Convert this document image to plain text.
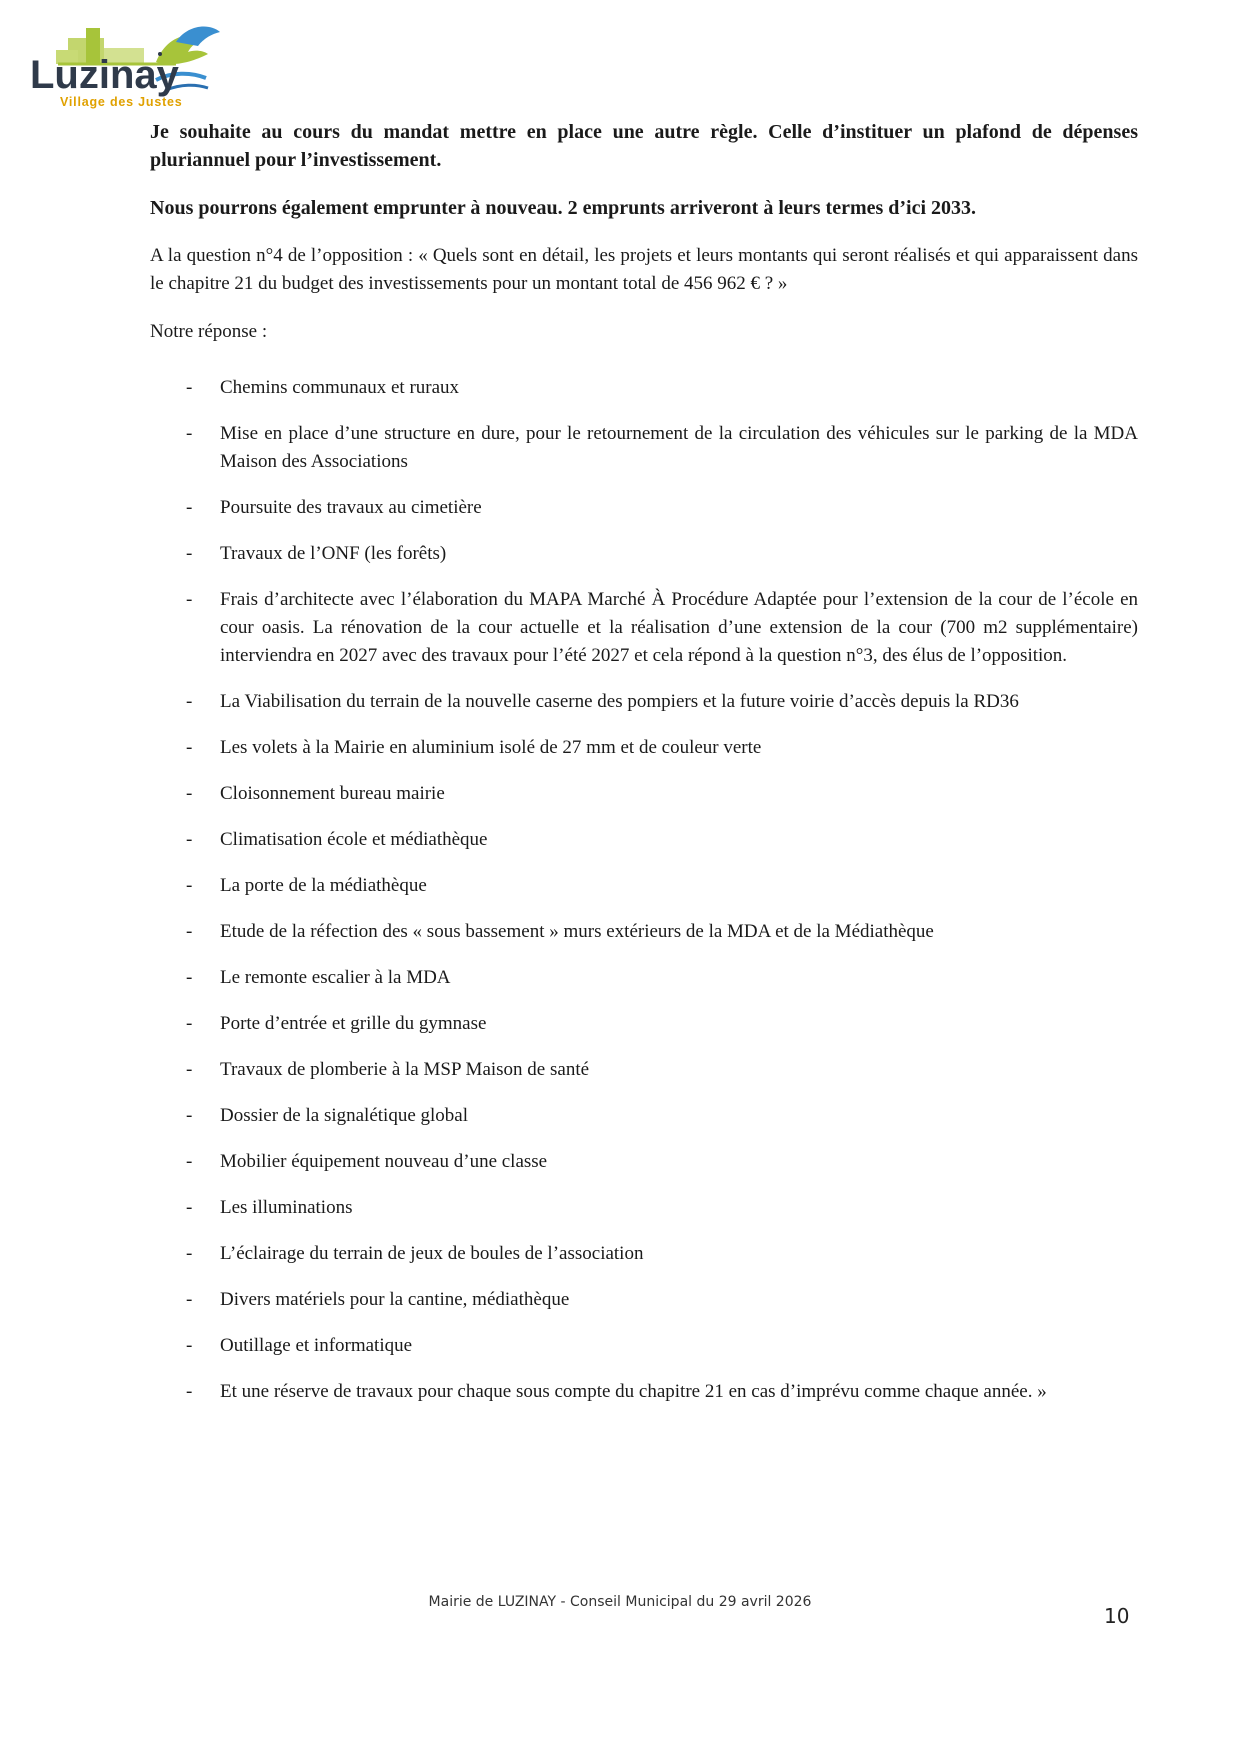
Luzinay
Village des Justes

Je souhaite au cours du mandat mettre en place une autre règle. Celle d’instituer un plafond de dépenses pluriannuel pour l’investissement.

Nous pourrons également emprunter à nouveau. 2 emprunts arriveront à leurs termes d’ici 2033.

A la question n°4 de l’opposition : « Quels sont en détail, les projets et leurs montants qui seront réalisés et qui apparaissent dans le chapitre 21 du budget des investissements pour un montant total de 456 962 € ? »

Notre réponse :

- Chemins communaux et ruraux
- Mise en place d’une structure en dure, pour le retournement de la circulation des véhicules sur le parking de la MDA Maison des Associations
- Poursuite des travaux au cimetière
- Travaux de l’ONF (les forêts)
- Frais d’architecte avec l’élaboration du MAPA Marché À Procédure Adaptée pour l’extension de la cour de l’école en cour oasis. La rénovation de la cour actuelle et la réalisation d’une extension de la cour (700 m2 supplémentaire) interviendra en 2027 avec des travaux pour l’été 2027 et cela répond à la question n°3, des élus de l’opposition.
- La Viabilisation du terrain de la nouvelle caserne des pompiers et la future voirie d’accès depuis la RD36
- Les volets à la Mairie en aluminium isolé de 27 mm et de couleur verte
- Cloisonnement bureau mairie
- Climatisation école et médiathèque
- La porte de la médiathèque
- Etude de la réfection des « sous bassement » murs extérieurs de la MDA et de la Médiathèque
- Le remonte escalier à la MDA
- Porte d’entrée et grille du gymnase
- Travaux de plomberie à la MSP Maison de santé
- Dossier de la signalétique global
- Mobilier équipement nouveau d’une classe
- Les illuminations
- L’éclairage du terrain de jeux de boules de l’association
- Divers matériels pour la cantine, médiathèque
- Outillage et informatique
- Et une réserve de travaux pour chaque sous compte du chapitre 21 en cas d’imprévu comme chaque année. »
Mairie de LUZINAY - Conseil Municipal du 29 avril 2026
10
